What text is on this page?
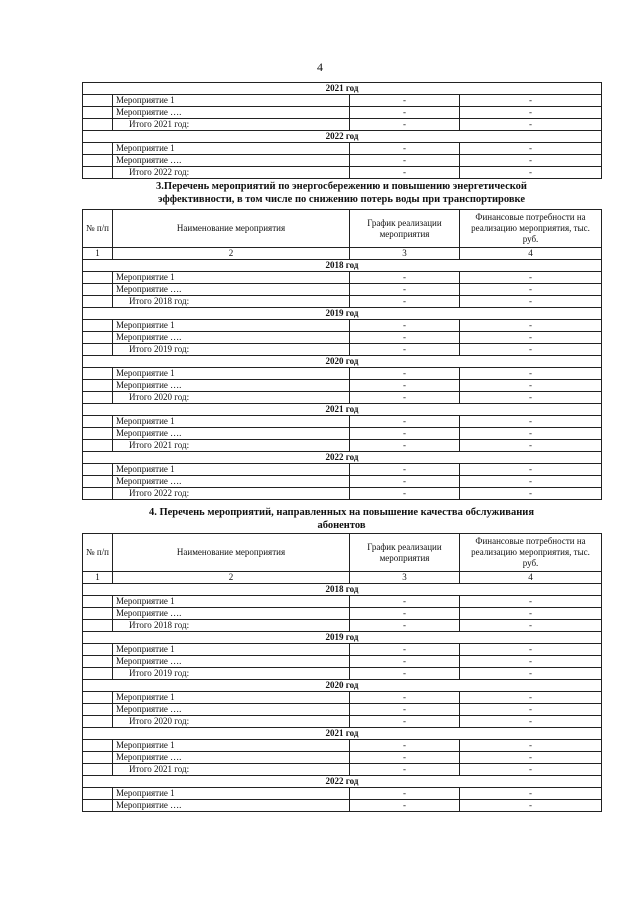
4
2021 год			
	Мероприятие 1	-	-
	Мероприятие ….	-	-
	Итого 2021 год:	-	-
2022 год			
	Мероприятие 1	-	-
	Мероприятие ….	-	-
	Итого 2022 год:	-	-
3.Перечень мероприятий по энергосбережению и повышению энергетической
эффективности, в том числе по снижению потерь воды при транспортировке
№ п/п	Наименование мероприятия	График реализации мероприятия	Финансовые потребности на реализацию мероприятия, тыс. руб.
1	2	3	4
2018 год			
	Мероприятие 1	-	-
	Мероприятие ….	-	-
	Итого 2018 год:	-	-
2019 год			
	Мероприятие 1	-	-
	Мероприятие ….	-	-
	Итого 2019 год:	-	-
2020 год			
	Мероприятие 1	-	-
	Мероприятие ….	-	-
	Итого 2020 год:	-	-
2021 год			
	Мероприятие 1	-	-
	Мероприятие ….	-	-
	Итого 2021 год:	-	-
2022 год			
	Мероприятие 1	-	-
	Мероприятие ….	-	-
	Итого 2022 год:	-	-
4. Перечень мероприятий, направленных на повышение качества обслуживания
абонентов
№ п/п	Наименование мероприятия	График реализации мероприятия	Финансовые потребности на реализацию мероприятия, тыс. руб.
1	2	3	4
2018 год			
	Мероприятие 1	-	-
	Мероприятие ….	-	-
	Итого 2018 год:	-	-
2019 год			
	Мероприятие 1	-	-
	Мероприятие ….	-	-
	Итого 2019 год:	-	-
2020 год			
	Мероприятие 1	-	-
	Мероприятие ….	-	-
	Итого 2020 год:	-	-
2021 год			
	Мероприятие 1	-	-
	Мероприятие ….	-	-
	Итого 2021 год:	-	-
2022 год			
	Мероприятие 1	-	-
	Мероприятие ….	-	-
